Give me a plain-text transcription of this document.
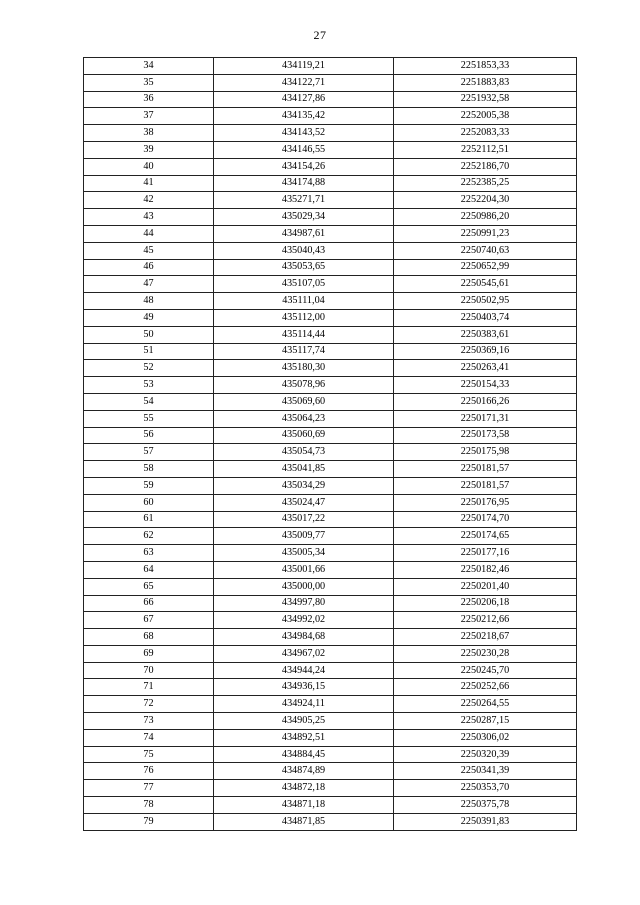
27
34	434119,21	2251853,33
35	434122,71	2251883,83
36	434127,86	2251932,58
37	434135,42	2252005,38
38	434143,52	2252083,33
39	434146,55	2252112,51
40	434154,26	2252186,70
41	434174,88	2252385,25
42	435271,71	2252204,30
43	435029,34	2250986,20
44	434987,61	2250991,23
45	435040,43	2250740,63
46	435053,65	2250652,99
47	435107,05	2250545,61
48	435111,04	2250502,95
49	435112,00	2250403,74
50	435114,44	2250383,61
51	435117,74	2250369,16
52	435180,30	2250263,41
53	435078,96	2250154,33
54	435069,60	2250166,26
55	435064,23	2250171,31
56	435060,69	2250173,58
57	435054,73	2250175,98
58	435041,85	2250181,57
59	435034,29	2250181,57
60	435024,47	2250176,95
61	435017,22	2250174,70
62	435009,77	2250174,65
63	435005,34	2250177,16
64	435001,66	2250182,46
65	435000,00	2250201,40
66	434997,80	2250206,18
67	434992,02	2250212,66
68	434984,68	2250218,67
69	434967,02	2250230,28
70	434944,24	2250245,70
71	434936,15	2250252,66
72	434924,11	2250264,55
73	434905,25	2250287,15
74	434892,51	2250306,02
75	434884,45	2250320,39
76	434874,89	2250341,39
77	434872,18	2250353,70
78	434871,18	2250375,78
79	434871,85	2250391,83
